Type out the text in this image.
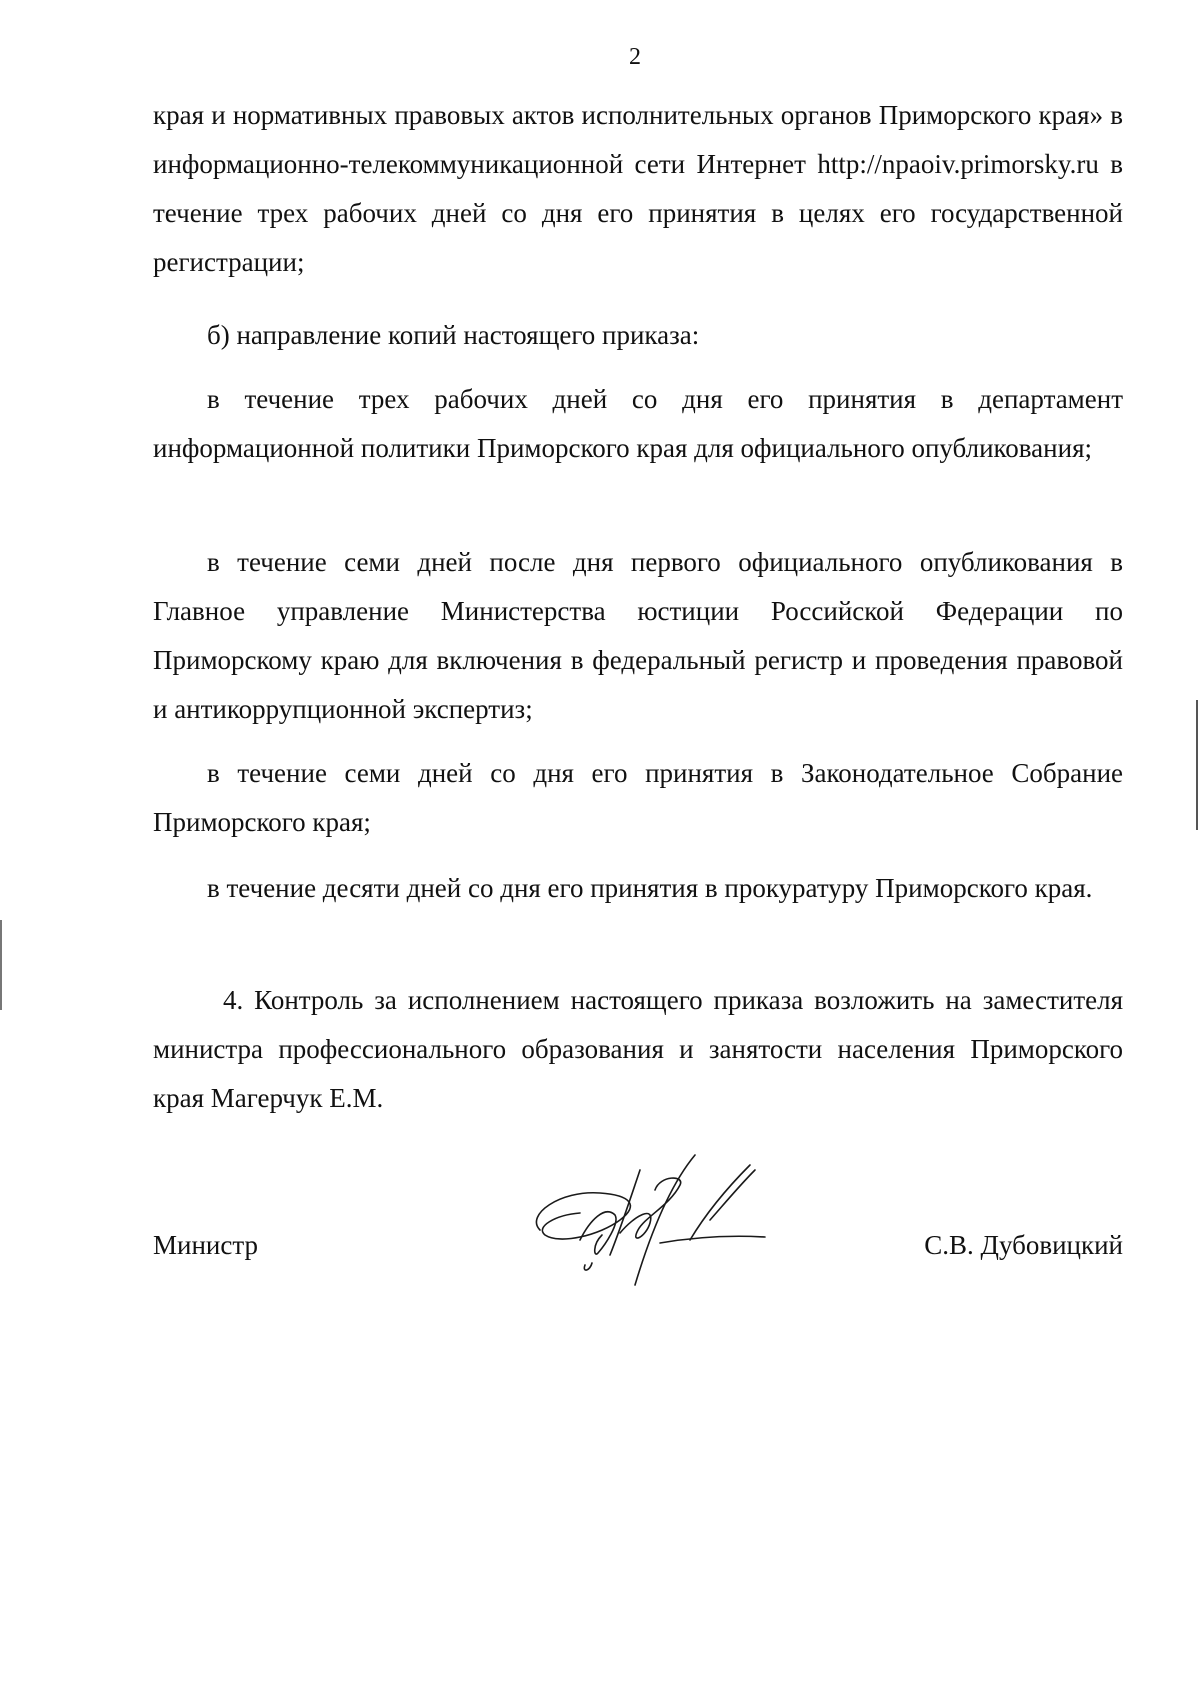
2

края и нормативных правовых актов исполнительных органов Приморского края» в информационно-телекоммуникационной сети Интернет http://npaoiv.primorsky.ru в течение трех рабочих дней со дня его принятия в целях его государственной регистрации;

б) направление копий настоящего приказа:

в течение трех рабочих дней со дня его принятия в департамент информационной политики Приморского края для официального опубликования;

в течение семи дней после дня первого официального опубликования в Главное управление Министерства юстиции Российской Федерации по Приморскому краю для включения в федеральный регистр и проведения правовой и антикоррупционной экспертиз;

в течение семи дней со дня его принятия в Законодательное Собрание Приморского края;

в течение десяти дней со дня его принятия в прокуратуру Приморского края.

4. Контроль за исполнением настоящего приказа возложить на заместителя министра профессионального образования и занятости населения Приморского края Магерчук Е.М.

Министр	С.В. Дубовицкий
